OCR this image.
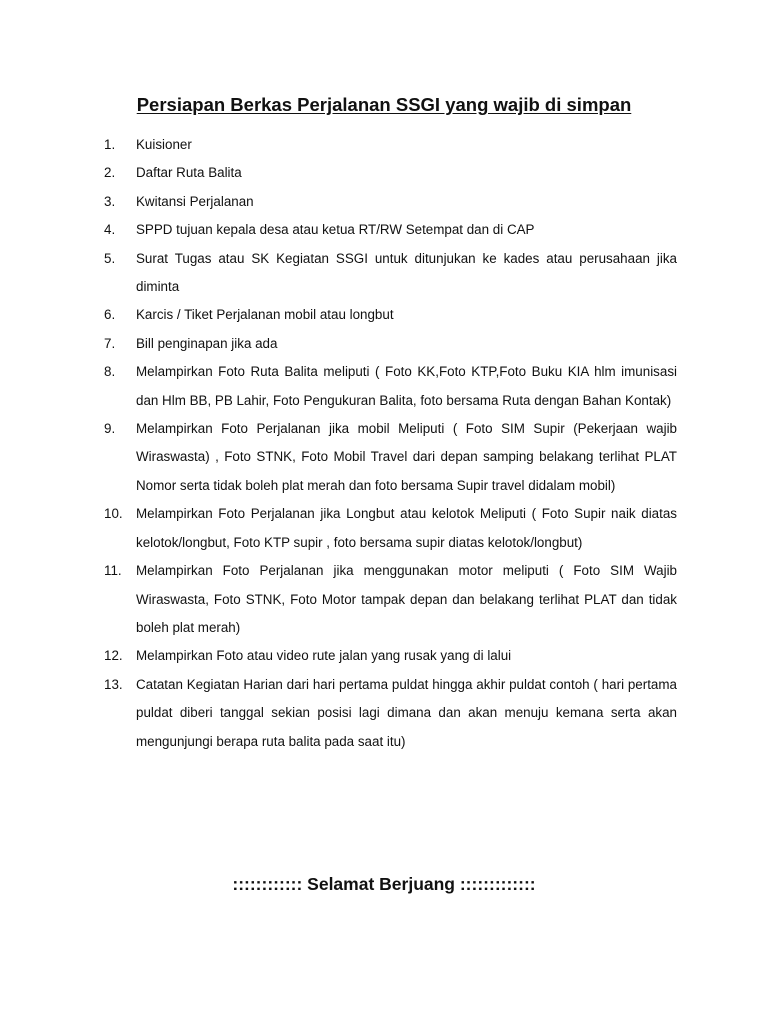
Persiapan Berkas Perjalanan SSGI yang wajib di simpan
1.	Kuisioner
2.	Daftar Ruta Balita
3.	Kwitansi Perjalanan
4.	SPPD tujuan kepala desa atau ketua RT/RW Setempat dan di CAP
5.	Surat Tugas atau SK Kegiatan SSGI untuk ditunjukan ke kades atau perusahaan jika diminta
6.	Karcis / Tiket Perjalanan mobil atau longbut
7.	Bill penginapan jika ada
8.	Melampirkan Foto Ruta Balita meliputi ( Foto KK,Foto KTP,Foto Buku KIA hlm imunisasi dan Hlm BB, PB Lahir, Foto Pengukuran Balita, foto bersama Ruta dengan Bahan Kontak)
9.	Melampirkan Foto Perjalanan jika mobil Meliputi ( Foto SIM Supir (Pekerjaan wajib Wiraswasta) , Foto STNK, Foto Mobil Travel dari depan samping belakang terlihat PLAT Nomor serta tidak boleh plat merah dan foto bersama Supir travel didalam mobil)
10. Melampirkan Foto Perjalanan jika Longbut atau kelotok Meliputi ( Foto Supir naik diatas kelotok/longbut, Foto KTP supir , foto bersama supir diatas kelotok/longbut)
11.	Melampirkan Foto Perjalanan jika menggunakan motor meliputi ( Foto SIM Wajib Wiraswasta, Foto STNK, Foto Motor tampak depan dan belakang terlihat PLAT dan tidak boleh plat merah)
12. Melampirkan Foto atau video rute jalan yang rusak yang di lalui
13. Catatan Kegiatan Harian dari hari pertama puldat hingga akhir puldat contoh ( hari pertama puldat diberi tanggal sekian posisi lagi dimana dan akan menuju kemana serta akan mengunjungi berapa ruta balita pada saat itu)
:::::::::::: Selamat Berjuang :::::::::::::
